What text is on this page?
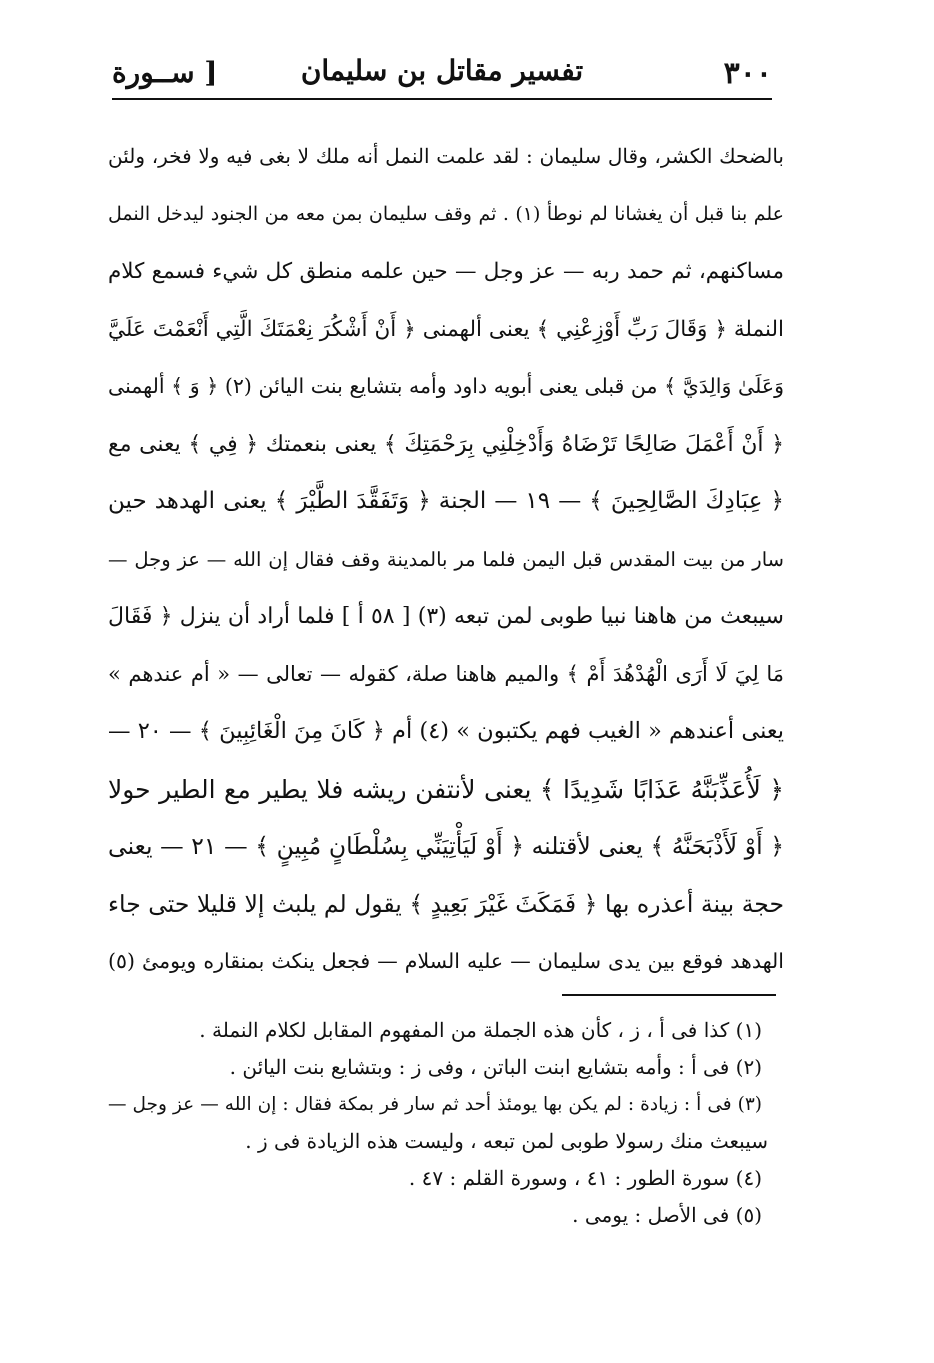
٣٠٠
تفسير مقاتل بن سليمان
[ ســورة
بالضحك الكشر، وقال سليمان : لقد علمت النمل أنه ملك لا بغى فيه ولا فخر، ولئن
علم بنا قبل أن يغشانا لم نوطأ (١) . ثم وقف سليمان بمن معه من الجنود ليدخل النمل
مساكنهم، ثم حمد ربه — عز وجل — حين علمه منطق كل شيء فسمع كلام
النملة ﴿ وَقَالَ رَبِّ أَوْزِعْنِي ﴾ يعنى ألهمنى ﴿ أَنْ أَشْكُرَ نِعْمَتَكَ الَّتِي أَنْعَمْتَ عَلَيَّ
وَعَلَىٰ وَالِدَيَّ ﴾ من قبلى يعنى أبويه داود وأمه بتشايع بنت اليائن (٢) ﴿ وَ ﴾ ألهمنى
﴿ أَنْ أَعْمَلَ صَالِحًا تَرْضَاهُ وَأَدْخِلْنِي بِرَحْمَتِكَ ﴾ يعنى بنعمتك ﴿ فِي ﴾ يعنى مع
﴿ عِبَادِكَ الصَّالِحِينَ ﴾ — ١٩ — الجنة ﴿ وَتَفَقَّدَ الطَّيْرَ ﴾ يعنى الهدهد حين
سار من بيت المقدس قبل اليمن فلما مر بالمدينة وقف فقال إن الله — عز وجل —
سيبعث من هاهنا نبيا طوبى لمن تبعه (٣) [ ٥٨ أ ] فلما أراد أن ينزل ﴿ فَقَالَ
مَا لِيَ لَا أَرَى الْهُدْهُدَ أَمْ ﴾ والميم هاهنا صلة، كقوله — تعالى — « أم عندهم »
يعنى أعندهم « الغيب فهم يكتبون » (٤) أم ﴿ كَانَ مِنَ الْغَائِبِينَ ﴾ — ٢٠ —
﴿ لَأُعَذِّبَنَّهُ عَذَابًا شَدِيدًا ﴾ يعنى لأنتفن ريشه فلا يطير مع الطير حولا
﴿ أَوْ لَأَذْبَحَنَّهُ ﴾ يعنى لأقتلنه ﴿ أَوْ لَيَأْتِيَنِّي بِسُلْطَانٍ مُبِينٍ ﴾ — ٢١ — يعنى
حجة بينة أعذره بها ﴿ فَمَكَثَ غَيْرَ بَعِيدٍ ﴾ يقول لم يلبث إلا قليلا حتى جاء
الهدهد فوقع بين يدى سليمان — عليه السلام — فجعل ينكث بمنقاره ويومئ (٥)
(١) كذا فى أ ، ز ، كأن هذه الجملة من المفهوم المقابل لكلام النملة .
(٢) فى أ : وأمه بتشايع ابنت الباتن ، وفى ز : وبتشايع بنت اليائن .
(٣) فى أ : زيادة : لم يكن بها يومئذ أحد ثم سار فر بمكة فقال : إن الله — عز وجل —
سيبعث منك رسولا طوبى لمن تبعه ، وليست هذه الزيادة فى ز .
(٤) سورة الطور : ٤١ ، وسورة القلم : ٤٧ .
(٥) فى الأصل : يومى .
